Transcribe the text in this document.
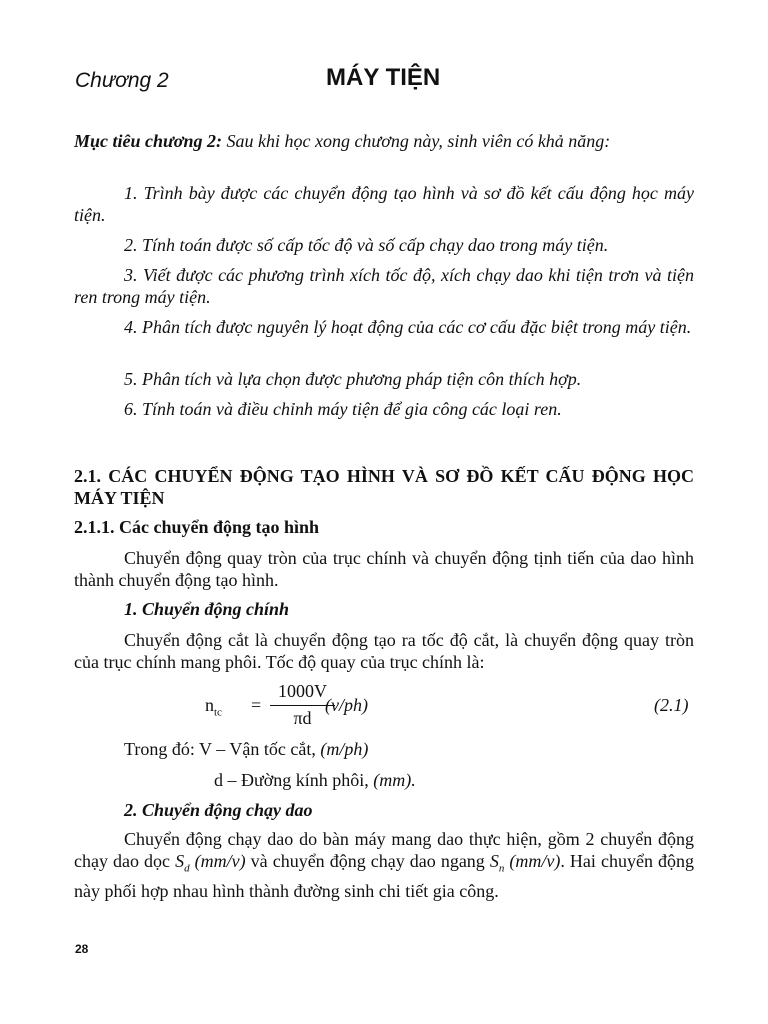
Chương 2	MÁY TIỆN
Mục tiêu chương 2: Sau khi học xong chương này, sinh viên có khả năng:
1. Trình bày được các chuyển động tạo hình và sơ đồ kết cấu động học máy tiện.
2. Tính toán được số cấp tốc độ và số cấp chạy dao trong máy tiện.
3. Viết được các phương trình xích tốc độ, xích chạy dao khi tiện trơn và tiện ren trong máy tiện.
4. Phân tích được nguyên lý hoạt động của các cơ cấu đặc biệt trong máy tiện.
5. Phân tích và lựa chọn được phương pháp tiện côn thích hợp.
6. Tính toán và điều chỉnh máy tiện để gia công các loại ren.
2.1. CÁC CHUYỂN ĐỘNG TẠO HÌNH VÀ SƠ ĐỒ KẾT CẤU ĐỘNG HỌC MÁY TIỆN
2.1.1. Các chuyển động tạo hình
Chuyển động quay tròn của trục chính và chuyển động tịnh tiến của dao hình thành chuyển động tạo hình.
1. Chuyển động chính
Chuyển động cắt là chuyển động tạo ra tốc độ cắt, là chuyển động quay tròn của trục chính mang phôi. Tốc độ quay của trục chính là:
$n_{tc}$ =
1000V
πd
(v/ph)	(2.1)
Trong đó: V – Vận tốc cắt, (m/ph)
d – Đường kính phôi, (mm).
2. Chuyển động chạy dao
Chuyển động chạy dao do bàn máy mang dao thực hiện, gồm 2 chuyển động chạy dao dọc $S_d$ (mm/v) và chuyển động chạy dao ngang $S_n$ (mm/v). Hai chuyển động này phối hợp nhau hình thành đường sinh chi tiết gia công.
28
